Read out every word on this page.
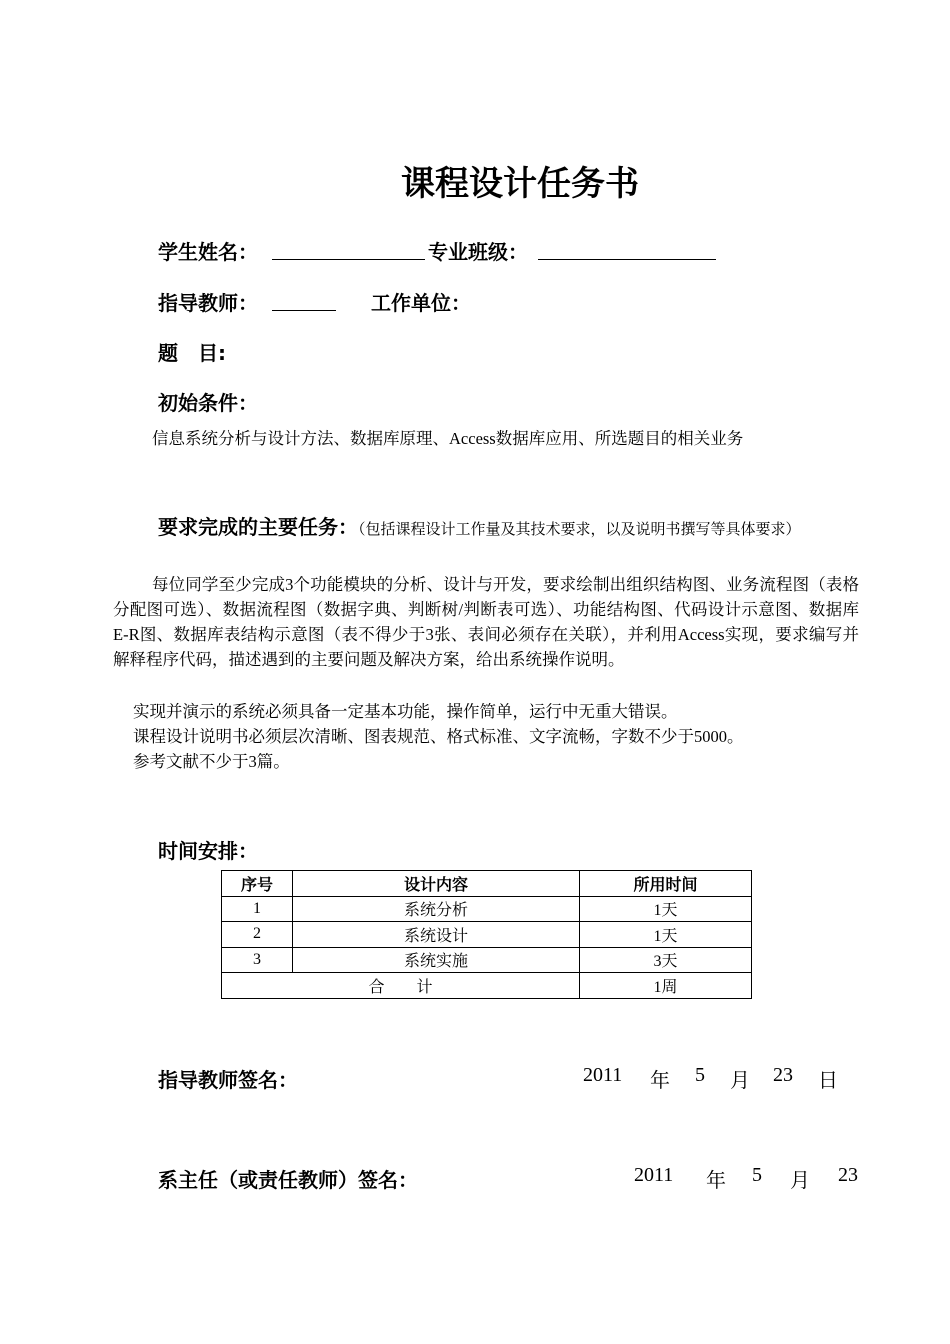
课程设计任务书
学生姓名：	专业班级：
指导教师：	工作单位：
题　目:
初始条件：
信息系统分析与设计方法、数据库原理、Access数据库应用、所选题目的相关业务
要求完成的主要任务：（包括课程设计工作量及其技术要求，以及说明书撰写等具体要求）
每位同学至少完成3个功能模块的分析、设计与开发，要求绘制出组织结构图、业务流程图（表格分配图可选）、数据流程图（数据字典、判断树/判断表可选）、功能结构图、代码设计示意图、数据库E-R图、数据库表结构示意图（表不得少于3张、表间必须存在关联），并利用Access实现，要求编写并解释程序代码，描述遇到的主要问题及解决方案，给出系统操作说明。
实现并演示的系统必须具备一定基本功能，操作简单，运行中无重大错误。
课程设计说明书必须层次清晰、图表规范、格式标准、文字流畅，字数不少于5000。
参考文献不少于3篇。
时间安排：
序号	设计内容	所用时间
1	系统分析	1天
2	系统设计	1天
3	系统实施	3天
合　　计		1周
指导教师签名：	2011 年 5 月 23 日
系主任（或责任教师）签名：	2011 年 5 月 23
